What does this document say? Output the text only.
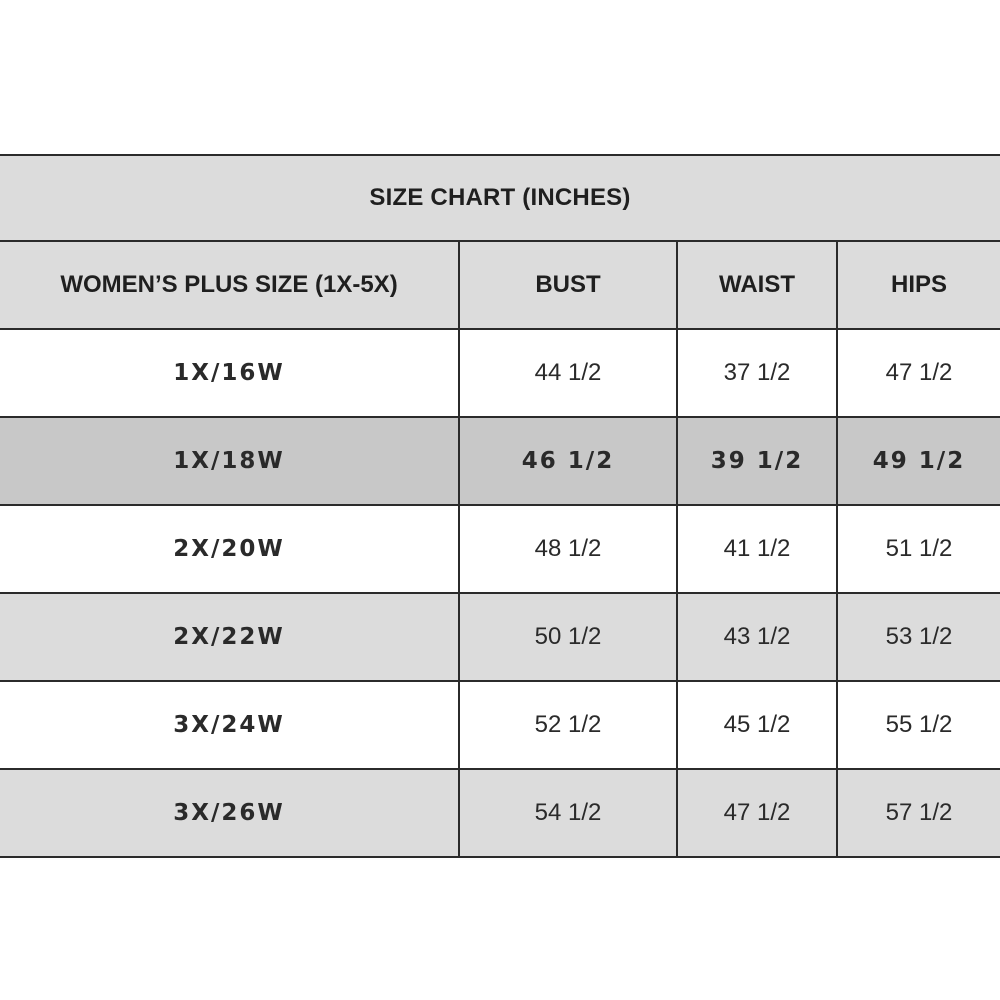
SIZE CHART (INCHES)
WOMEN’S PLUS SIZE (1X-5X)	BUST	WAIST	HIPS
1X/16W	44 1/2	37 1/2	47 1/2
1X/18W	46 1/2	39 1/2	49 1/2
2X/20W	48 1/2	41 1/2	51 1/2
2X/22W	50 1/2	43 1/2	53 1/2
3X/24W	52 1/2	45 1/2	55 1/2
3X/26W	54 1/2	47 1/2	57 1/2
